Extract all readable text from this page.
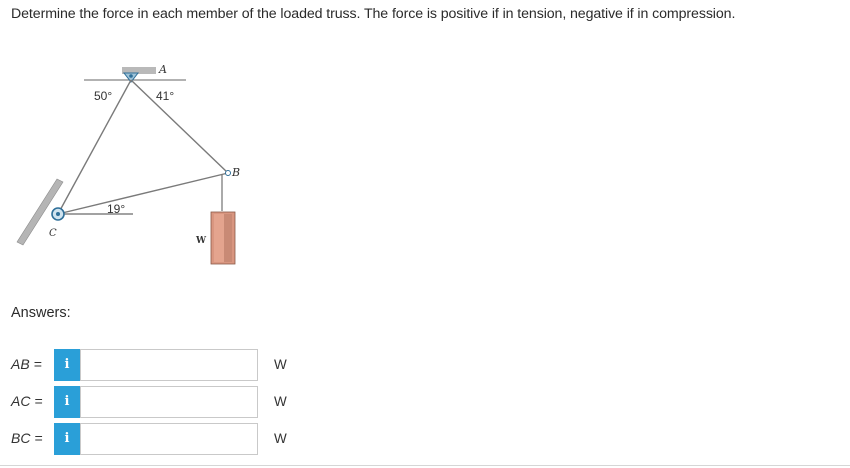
Determine the force in each member of the loaded truss. The force is positive if in tension, negative if in compression.
A
B
C
W
50°	41°
19°
Answers:
AB =	i	W
AC =	i	W
BC =	i	W
